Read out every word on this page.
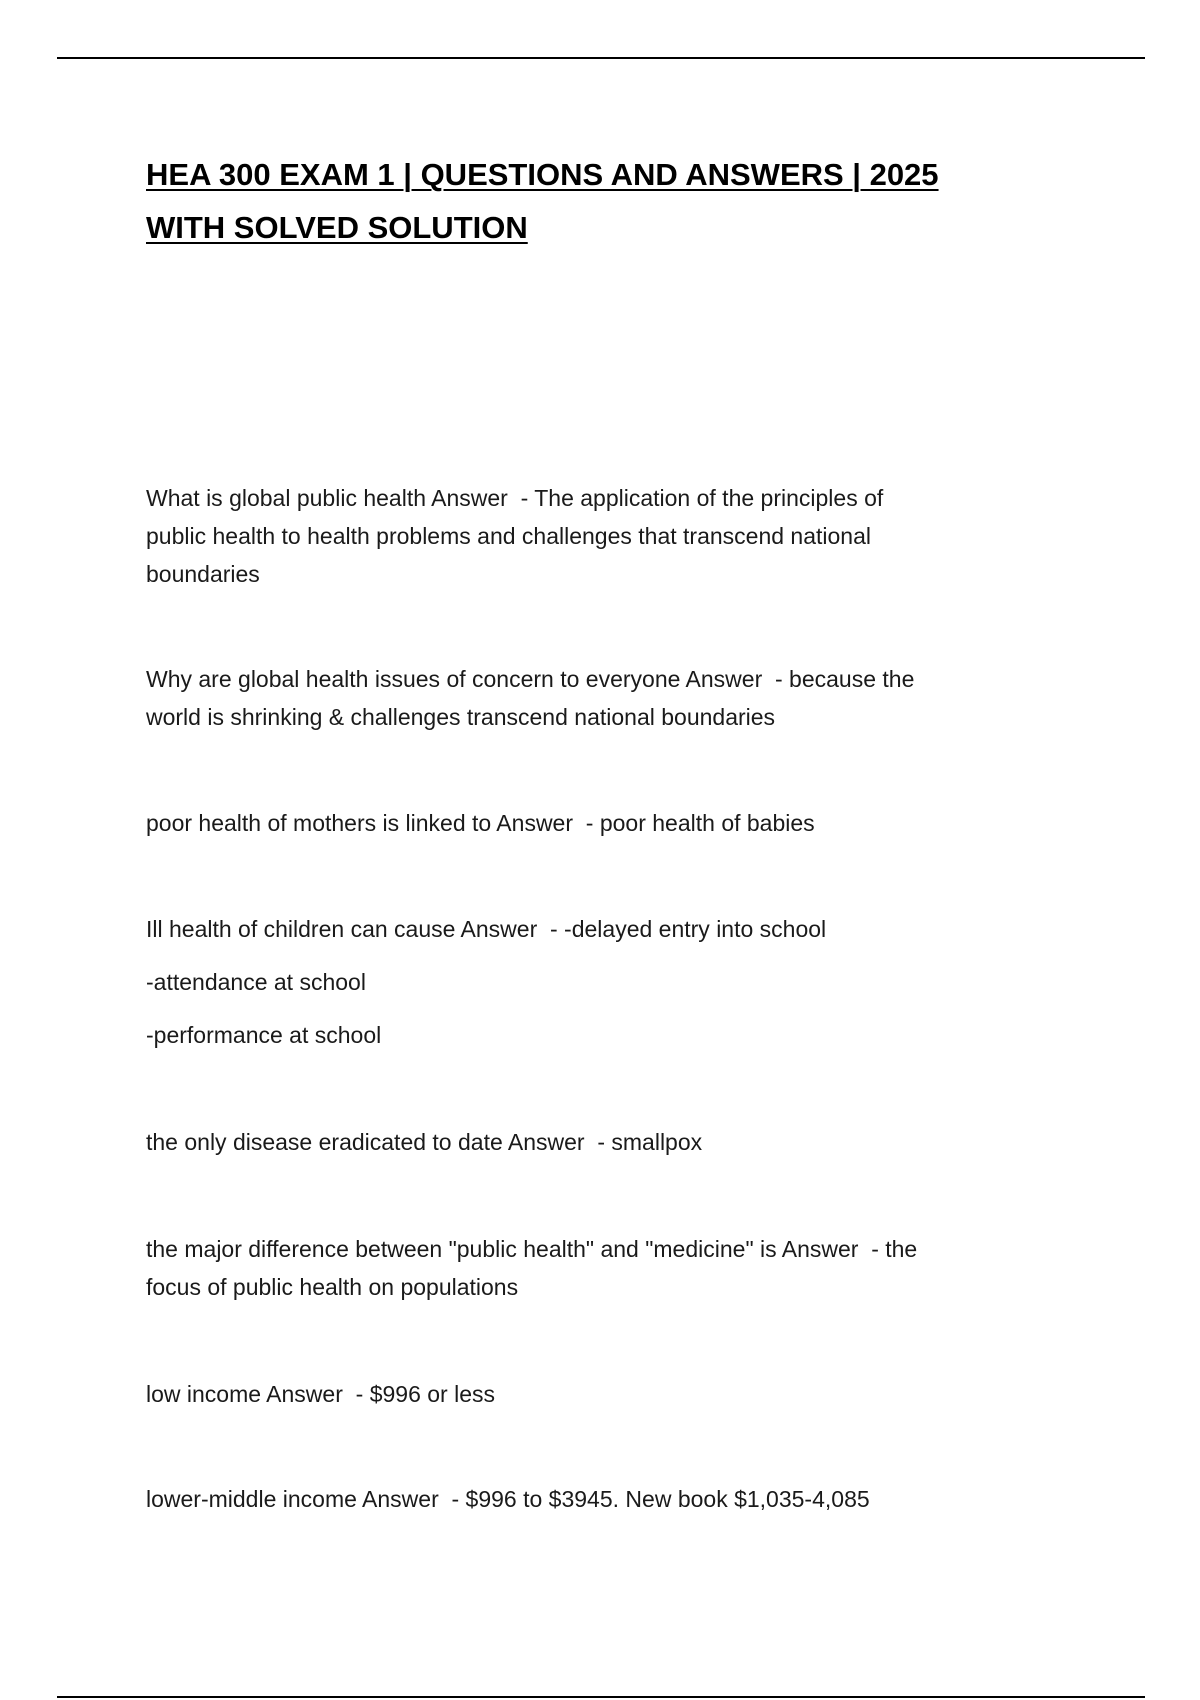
HEA 300 EXAM 1 | QUESTIONS AND ANSWERS | 2025
WITH SOLVED SOLUTION

What is global public health Answer  - The application of the principles of
public health to health problems and challenges that transcend national
boundaries

Why are global health issues of concern to everyone Answer  - because the
world is shrinking & challenges transcend national boundaries

poor health of mothers is linked to Answer  - poor health of babies

Ill health of children can cause Answer  - -delayed entry into school

-attendance at school

-performance at school

the only disease eradicated to date Answer  - smallpox

the major difference between "public health" and "medicine" is Answer  - the
focus of public health on populations

low income Answer  - $996 or less

lower-middle income Answer  - $996 to $3945. New book $1,035-4,085
